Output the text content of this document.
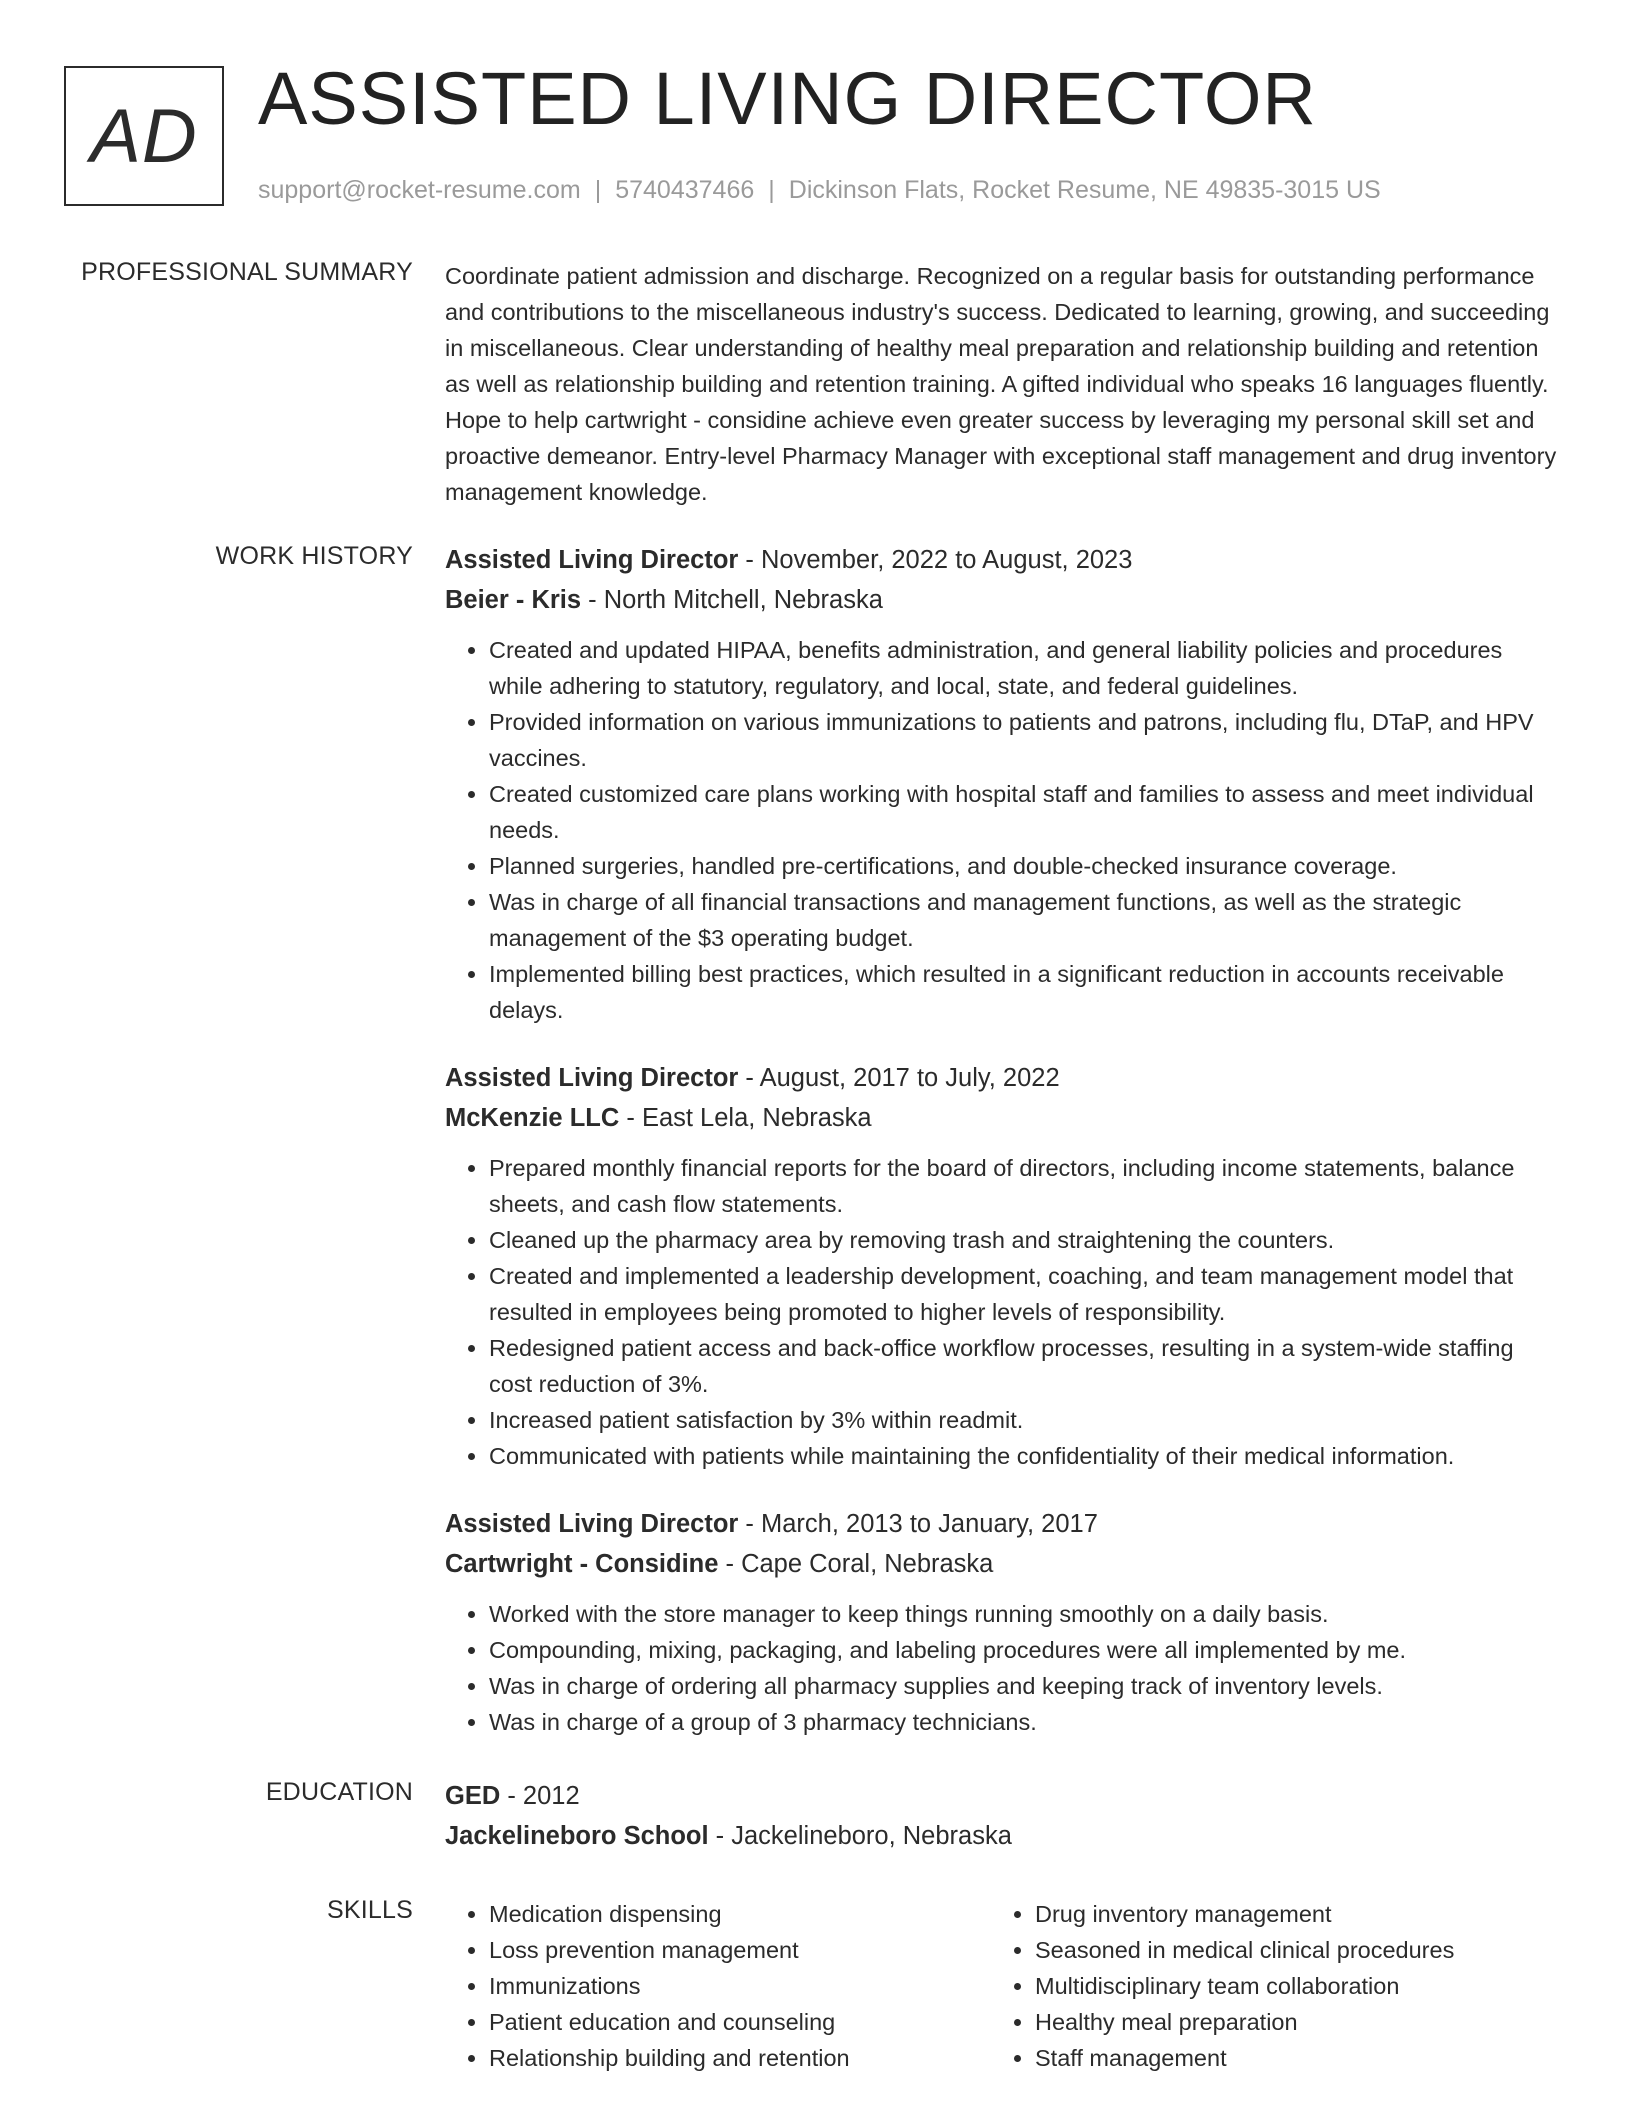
AD ASSISTED LIVING DIRECTOR
support@rocket-resume.com | 5740437466 | Dickinson Flats, Rocket Resume, NE 49835-3015 US
PROFESSIONAL SUMMARY Coordinate patient admission and discharge. Recognized on a regular basis for outstanding performance and contributions to the miscellaneous industry's success. Dedicated to learning, growing, and succeeding in miscellaneous. Clear understanding of healthy meal preparation and relationship building and retention as well as relationship building and retention training. A gifted individual who speaks 16 languages fluently. Hope to help cartwright - considine achieve even greater success by leveraging my personal skill set and proactive demeanor. Entry-level Pharmacy Manager with exceptional staff management and drug inventory management knowledge.

WORK HISTORY Assisted Living Director - November, 2022 to August, 2023
Beier - Kris - North Mitchell, Nebraska
• Created and updated HIPAA, benefits administration, and general liability policies and procedures while adhering to statutory, regulatory, and local, state, and federal guidelines.
• Provided information on various immunizations to patients and patrons, including flu, DTaP, and HPV vaccines.
• Created customized care plans working with hospital staff and families to assess and meet individual needs.
• Planned surgeries, handled pre-certifications, and double-checked insurance coverage.
• Was in charge of all financial transactions and management functions, as well as the strategic management of the $3 operating budget.
• Implemented billing best practices, which resulted in a significant reduction in accounts receivable delays.
Assisted Living Director - August, 2017 to July, 2022
McKenzie LLC - East Lela, Nebraska
• Prepared monthly financial reports for the board of directors, including income statements, balance sheets, and cash flow statements.
• Cleaned up the pharmacy area by removing trash and straightening the counters.
• Created and implemented a leadership development, coaching, and team management model that resulted in employees being promoted to higher levels of responsibility.
• Redesigned patient access and back-office workflow processes, resulting in a system-wide staffing cost reduction of 3%.
• Increased patient satisfaction by 3% within readmit.
• Communicated with patients while maintaining the confidentiality of their medical information.
Assisted Living Director - March, 2013 to January, 2017
Cartwright - Considine - Cape Coral, Nebraska
• Worked with the store manager to keep things running smoothly on a daily basis.
• Compounding, mixing, packaging, and labeling procedures were all implemented by me.
• Was in charge of ordering all pharmacy supplies and keeping track of inventory levels.
• Was in charge of a group of 3 pharmacy technicians.
EDUCATION GED - 2012
Jackelineboro School - Jackelineboro, Nebraska
SKILLS
•	Medication dispensing
• Loss prevention management
• Immunizations
• Patient education and counseling
• Relationship building and retention
• Drug inventory management
• Seasoned in medical clinical procedures
• Multidisciplinary team collaboration
• Healthy meal preparation
• Staff management
